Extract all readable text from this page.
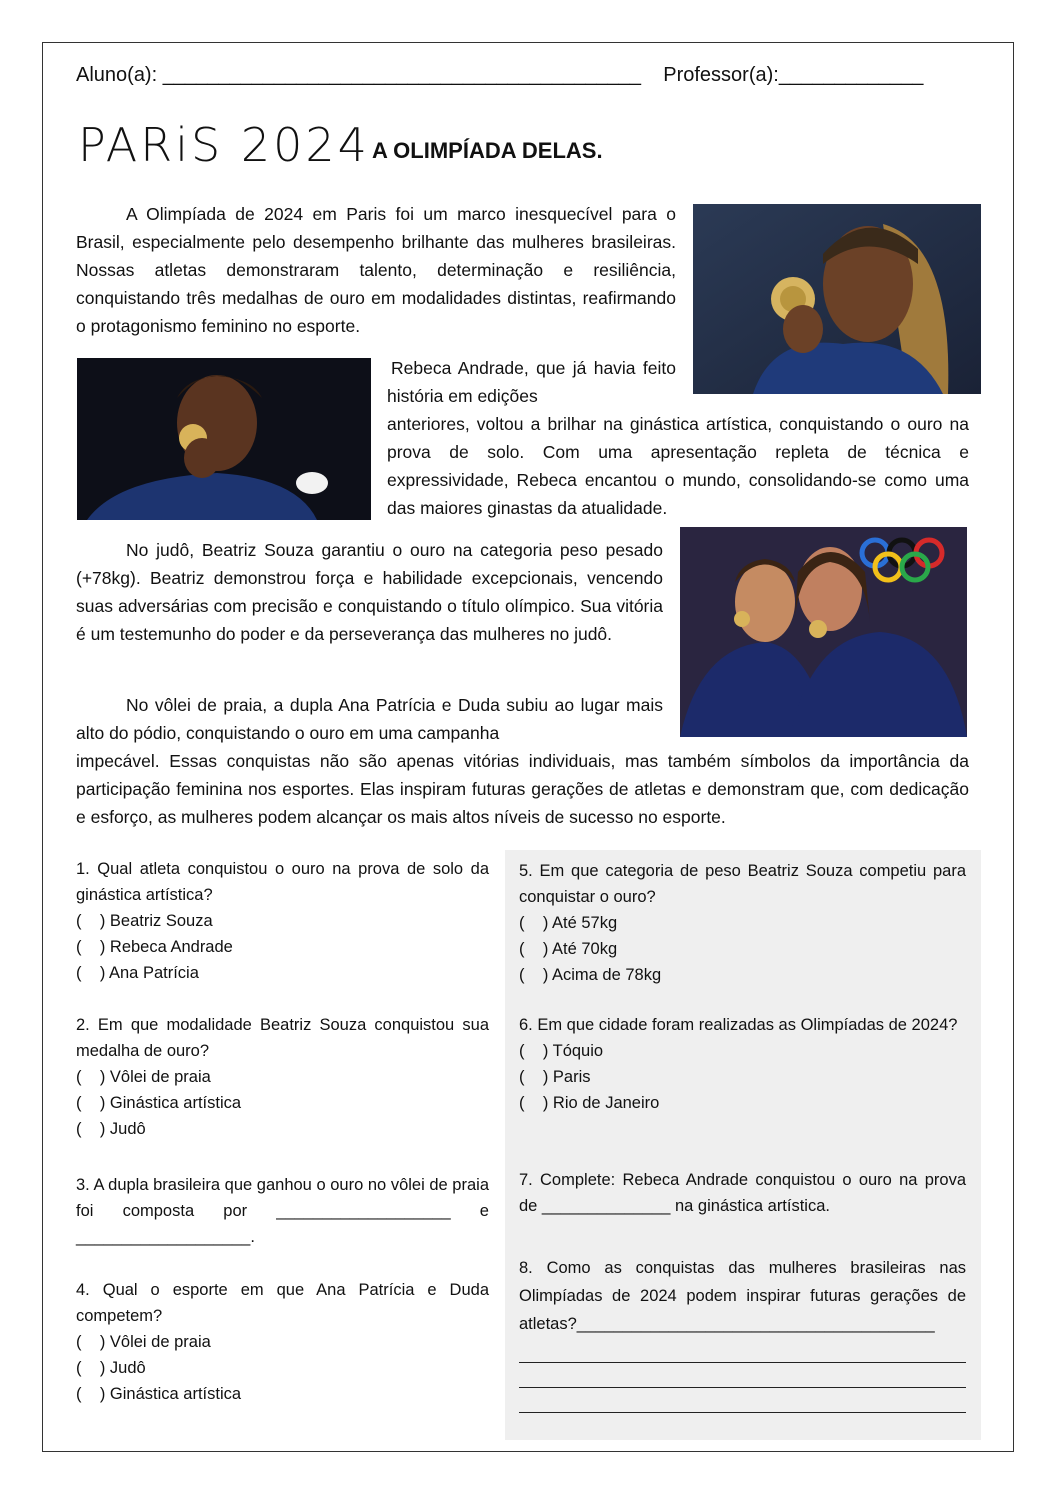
Aluno(a): ___________________________________________ Professor(a):_____________
PARiS 2024 A OLIMPÍADA DELAS.

A Olimpíada de 2024 em Paris foi um marco inesquecível para o Brasil, especialmente pelo desempenho brilhante das mulheres brasileiras. Nossas atletas demonstraram talento, determinação e resiliência, conquistando três medalhas de ouro em modalidades distintas, reafirmando o protagonismo feminino no esporte.

Rebeca Andrade, que já havia feito história em edições

anteriores, voltou a brilhar na ginástica artística, conquistando o ouro na prova de solo. Com uma apresentação repleta de técnica e expressividade, Rebeca encantou o mundo, consolidando-se como uma das maiores ginastas da atualidade.

No judô, Beatriz Souza garantiu o ouro na categoria peso pesado (+78kg). Beatriz demonstrou força e habilidade excepcionais, vencendo suas adversárias com precisão e conquistando o título olímpico. Sua vitória é um testemunho do poder e da perseverança das mulheres no judô.

No vôlei de praia, a dupla Ana Patrícia e Duda subiu ao lugar mais alto do pódio, conquistando o ouro em uma campanha

impecável. Essas conquistas não são apenas vitórias individuais, mas também símbolos da importância da participação feminina nos esportes. Elas inspiram futuras gerações de atletas e demonstram que, com dedicação e esforço, as mulheres podem alcançar os mais altos níveis de sucesso no esporte.

1. Qual atleta conquistou o ouro na prova de solo da ginástica artística?

(    ) Beatriz Souza

(    ) Rebeca Andrade

(    ) Ana Patrícia

2. Em que modalidade Beatriz Souza conquistou sua medalha de ouro?

(    ) Vôlei de praia

(    ) Ginástica artística

(    ) Judô

3. A dupla brasileira que ganhou o ouro no vôlei de praia foi composta por ___________________ e ___________________.

4. Qual o esporte em que Ana Patrícia e Duda competem?

(    ) Vôlei de praia

(    ) Judô

(    ) Ginástica artística

5. Em que categoria de peso Beatriz Souza competiu para conquistar o ouro?

(    ) Até 57kg

(    ) Até 70kg

(    ) Acima de 78kg

6. Em que cidade foram realizadas as Olimpíadas de 2024?

(    ) Tóquio

(    ) Paris

(    ) Rio de Janeiro

7. Complete: Rebeca Andrade conquistou o ouro na prova de ______________ na ginástica artística.

8. Como as conquistas das mulheres brasileiras nas Olimpíadas de 2024 podem inspirar futuras gerações de atletas?_______________________________________
